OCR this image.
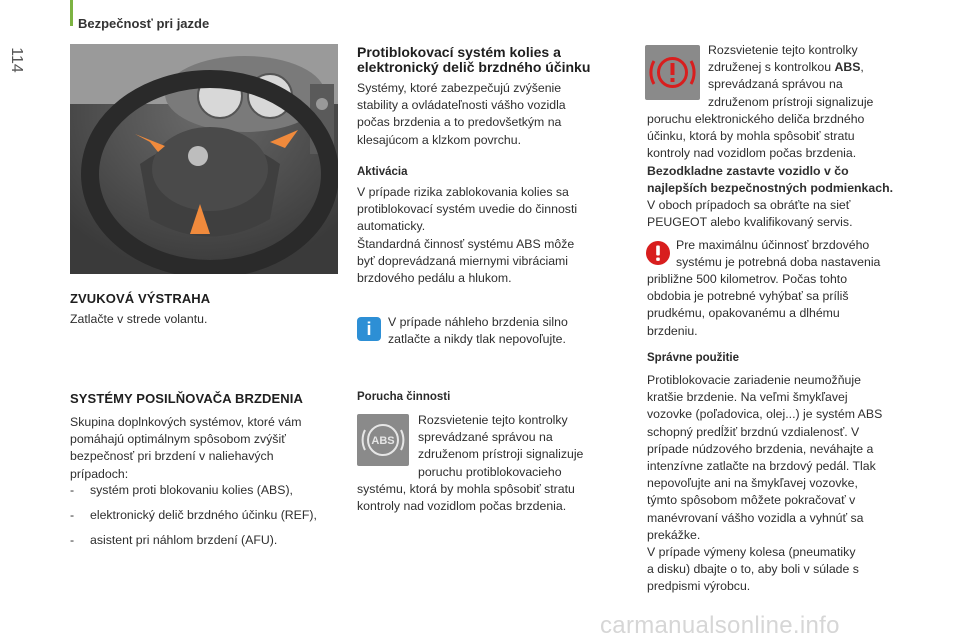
114
Bezpečnosť pri jazde
ZVUKOVÁ VÝSTRAHA
Zatlačte v strede volantu.
SYSTÉMY POSILŇOVAČA BRZDENIA
Skupina doplnkových systémov, ktoré vám
pomáhajú optimálnym spôsobom zvýšiť
bezpečnosť pri brzdení v naliehavých
prípadoch:
-	systém proti blokovaniu kolies (ABS),
-	elektronický delič brzdného účinku (REF),
-	asistent pri náhlom brzdení (AFU).
Protiblokovací systém kolies a
elektronický delič brzdného účinku
Systémy, ktoré zabezpečujú zvýšenie
stability a ovládateľnosti vášho vozidla
počas brzdenia a to predovšetkým na
klesajúcom a klzkom povrchu.
Aktivácia
V prípade rizika zablokovania kolies sa
protiblokovací systém uvedie do činnosti
automaticky.
Štandardná činnosť systému ABS môže
byť doprevádzaná miernymi vibráciami
brzdového pedálu a hlukom.
i	V prípade náhleho brzdenia silno
zatlačte a nikdy tlak nepovoľujte.
Porucha činnosti
ABS
Rozsvietenie tejto kontrolky
sprevádzané správou na
združenom prístroji signalizuje
poruchu protiblokovacieho
systému, ktorá by mohla spôsobiť stratu
kontroly nad vozidlom počas brzdenia.
Rozsvietenie tejto kontrolky
združenej s kontrolkou ABS,
sprevádzaná správou na
združenom prístroji signalizuje
poruchu elektronického deliča brzdného
účinku, ktorá by mohla spôsobiť stratu
kontroly nad vozidlom počas brzdenia.
Bezodkladne zastavte vozidlo v čo
najlepších bezpečnostných podmienkach.
V oboch prípadoch sa obráťte na sieť
PEUGEOT alebo kvalifikovaný servis.
Pre maximálnu účinnosť brzdového
systému je potrebná doba nastavenia
približne 500 kilometrov. Počas tohto
obdobia je potrebné vyhýbať sa príliš
prudkému, opakovanému a dlhému
brzdeniu.
Správne použitie
Protiblokovacie zariadenie neumožňuje
kratšie brzdenie. Na veľmi šmykľavej
vozovke (poľadovica, olej...) je systém ABS
schopný predĺžiť brzdnú vzdialenosť. V
prípade núdzového brzdenia, neváhajte a
intenzívne zatlačte na brzdový pedál. Tlak
nepovoľujte ani na šmykľavej vozovke,
týmto spôsobom môžete pokračovať v
manévrovaní vášho vozidla a vyhnúť sa
prekážke.
V prípade výmeny kolesa (pneumatiky
a disku) dbajte o to, aby boli v súlade s
predpismi výrobcu.
carmanualsonline.info
